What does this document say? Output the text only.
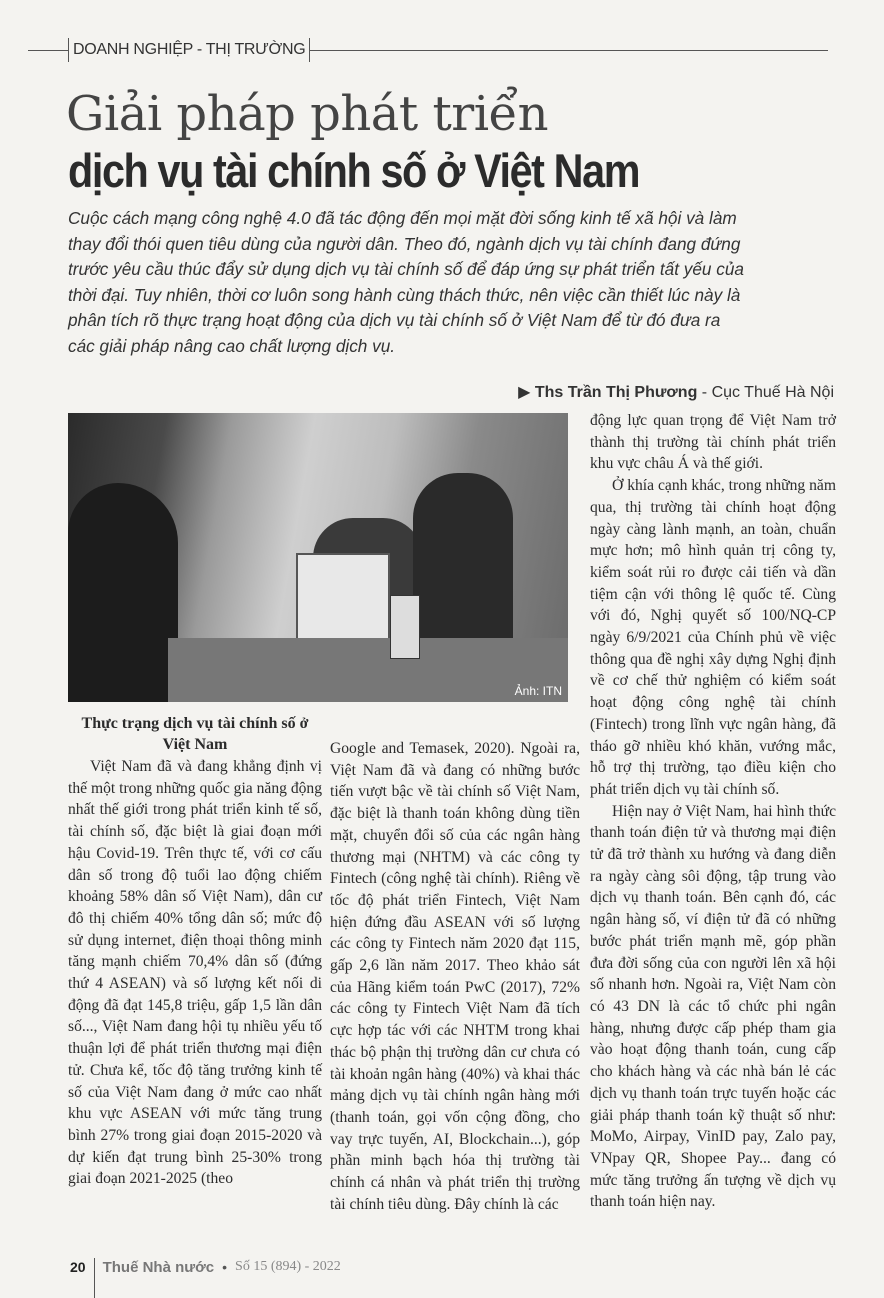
DOANH NGHIỆP - THỊ TRƯỜNG
Giải pháp phát triển
dịch vụ tài chính số ở Việt Nam
Cuộc cách mạng công nghệ 4.0 đã tác động đến mọi mặt đời sống kinh tế xã hội và làm thay đổi thói quen tiêu dùng của người dân. Theo đó, ngành dịch vụ tài chính đang đứng trước yêu cầu thúc đẩy sử dụng dịch vụ tài chính số để đáp ứng sự phát triển tất yếu của thời đại. Tuy nhiên, thời cơ luôn song hành cùng thách thức, nên việc cần thiết lúc này là phân tích rõ thực trạng hoạt động của dịch vụ tài chính số ở Việt Nam để từ đó đưa ra các giải pháp nâng cao chất lượng dịch vụ.
▶ Ths Trần Thị Phương - Cục Thuế Hà Nội
Ảnh: ITN
Thực trạng dịch vụ tài chính số ở Việt Nam

Việt Nam đã và đang khẳng định vị thế một trong những quốc gia năng động nhất thế giới trong phát triển kinh tế số, tài chính số, đặc biệt là giai đoạn mới hậu Covid-19. Trên thực tế, với cơ cấu dân số trong độ tuổi lao động chiếm khoảng 58% dân số Việt Nam), dân cư đô thị chiếm 40% tổng dân số; mức độ sử dụng internet, điện thoại thông minh tăng mạnh chiếm 70,4% dân số (đứng thứ 4 ASEAN) và số lượng kết nối di động đã đạt 145,8 triệu, gấp 1,5 lần dân số..., Việt Nam đang hội tụ nhiều yếu tố thuận lợi để phát triển thương mại điện tử. Chưa kể, tốc độ tăng trưởng kinh tế số của Việt Nam đang ở mức cao nhất khu vực ASEAN với mức tăng trung bình 27% trong giai đoạn 2015-2020 và dự kiến đạt trung bình 25-30% trong giai đoạn 2021-2025 (theo

Google and Temasek, 2020). Ngoài ra, Việt Nam đã và đang có những bước tiến vượt bậc về tài chính số Việt Nam, đặc biệt là thanh toán không dùng tiền mặt, chuyển đổi số của các ngân hàng thương mại (NHTM) và các công ty Fintech (công nghệ tài chính). Riêng về tốc độ phát triển Fintech, Việt Nam hiện đứng đầu ASEAN với số lượng các công ty Fintech năm 2020 đạt 115, gấp 2,6 lần năm 2017. Theo khảo sát của Hãng kiểm toán PwC (2017), 72% các công ty Fintech Việt Nam đã tích cực hợp tác với các NHTM trong khai thác bộ phận thị trường dân cư chưa có tài khoản ngân hàng (40%) và khai thác mảng dịch vụ tài chính ngân hàng mới (thanh toán, gọi vốn cộng đồng, cho vay trực tuyến, AI, Blockchain...), góp phần minh bạch hóa thị trường tài chính cá nhân và phát triển thị trường tài chính tiêu dùng. Đây chính là các

động lực quan trọng để Việt Nam trở thành thị trường tài chính phát triển khu vực châu Á và thế giới.

Ở khía cạnh khác, trong những năm qua, thị trường tài chính hoạt động ngày càng lành mạnh, an toàn, chuẩn mực hơn; mô hình quản trị công ty, kiểm soát rủi ro được cải tiến và dần tiệm cận với thông lệ quốc tế. Cùng với đó, Nghị quyết số 100/NQ-CP ngày 6/9/2021 của Chính phủ về việc thông qua đề nghị xây dựng Nghị định về cơ chế thử nghiệm có kiểm soát hoạt động công nghệ tài chính (Fintech) trong lĩnh vực ngân hàng, đã tháo gỡ nhiều khó khăn, vướng mắc, hỗ trợ thị trường, tạo điều kiện cho phát triển dịch vụ tài chính số.

Hiện nay ở Việt Nam, hai hình thức thanh toán điện tử và thương mại điện tử đã trở thành xu hướng và đang diễn ra ngày càng sôi động, tập trung vào dịch vụ thanh toán. Bên cạnh đó, các ngân hàng số, ví điện tử đã có những bước phát triển mạnh mẽ, góp phần đưa đời sống của con người lên xã hội số nhanh hơn. Ngoài ra, Việt Nam còn có 43 DN là các tổ chức phi ngân hàng, nhưng được cấp phép tham gia vào hoạt động thanh toán, cung cấp cho khách hàng và các nhà bán lẻ các dịch vụ thanh toán trực tuyến hoặc các giải pháp thanh toán kỹ thuật số như: MoMo, Airpay, VinID pay, Zalo pay, VNpay QR, Shopee Pay... đang có mức tăng trưởng ấn tượng về dịch vụ thanh toán hiện nay.

20 Thuế Nhà nước • Số 15 (894) - 2022
